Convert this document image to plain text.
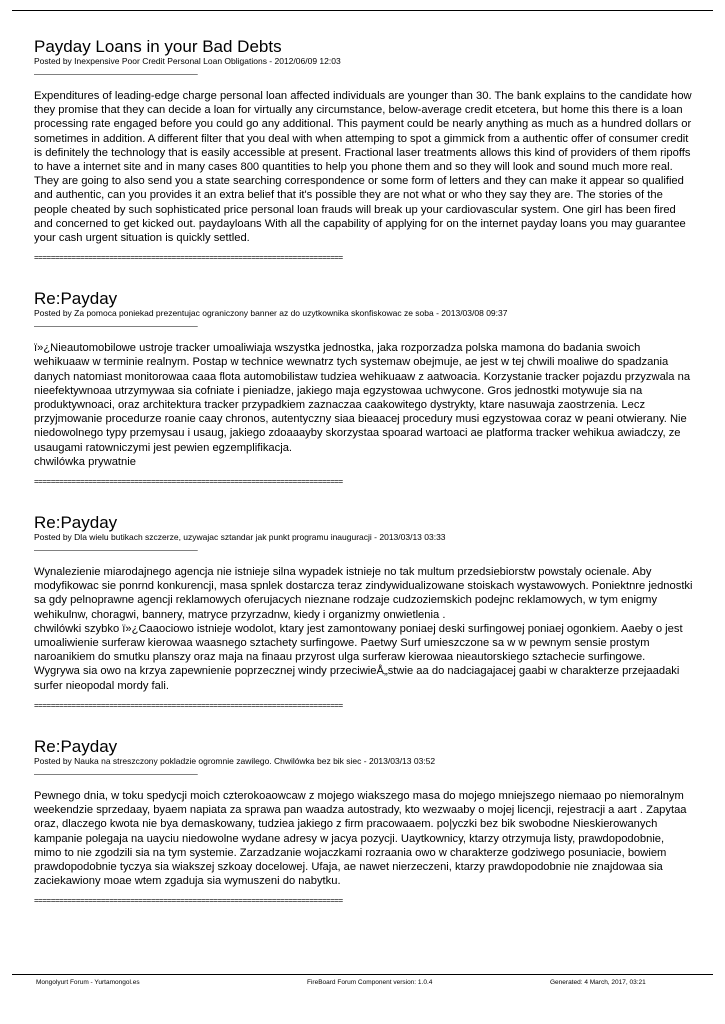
Payday Loans in your Bad Debts
Posted by Inexpensive Poor Credit Personal Loan Obligations - 2012/06/09 12:03
_____________________________________

Expenditures of leading-edge charge personal loan affected individuals are younger than 30. The bank explains to the candidate how they promise that they can decide a loan for virtually any circumstance, below-average credit etcetera, but home this there is a loan processing rate engaged before you could go any additional. This payment could be nearly anything as much as a hundred dollars or sometimes in addition. A different filter that you deal with when attemping to spot a gimmick from a authentic offer of consumer credit is definitely the technology that is easily accessible at present. Fractional laser treatments allows this kind of providers of them ripoffs to have a internet site and in many cases 800 quantities to help you phone them and so they will look and sound much more real. They are going to also send you a state searching correspondence or some form of letters and they can make it appear so qualified and authentic, can you provides it an extra belief that it's possible they are not what or who they say they are. The stories of the people cheated by such sophisticated price personal loan frauds will break up your cardiovascular system. One girl has been fired and concerned to get kicked out. paydayloans With all the capability of applying for on the internet payday loans you may guarantee your cash urgent situation is quickly settled.

==========================================================================
Re:Payday
Posted by Za pomoca poniekad prezentujac ograniczony banner az do uzytkownika skonfiskowac ze soba - 2013/03/08 09:37
_____________________________________

ï»¿Nieautomobilowe ustroje tracker umoaliwiaja wszystka jednostka, jaka rozporzadza polska mamona do badania swoich wehikuaaw w terminie realnym. Postap w technice wewnatrz tych systemaw obejmuje, ae jest w tej chwili moaliwe do spadzania danych natomiast monitorowaa caaa flota automobilistaw tudziea wehikuaaw z aatwoacia. Korzystanie tracker pojazdu przyzwala na nieefektywnoaa utrzymywaa sia cofniate i pieniadze, jakiego maja egzystowaa uchwycone. Gros jednostki motywuje sia na produktywnoaci, oraz architektura tracker przypadkiem zaznaczaa caakowitego dystrykty, ktare nasuwaja zaostrzenia. Lecz przyjmowanie procedurze roanie caay chronos, autentyczny siaa bieaacej procedury musi egzystowaa coraz w peani otwierany. Nie niedowolnego typy przemysau i usaug, jakiego zdoaaayby skorzystaa spoarad wartoaci ae platforma tracker wehikua awiadczy, ze usaugami ratowniczymi jest pewien egzemplifikacja.

chwilówka prywatnie

==========================================================================
Re:Payday
Posted by Dla wielu butikach szczerze, uzywajac sztandar jak punkt programu inauguracji - 2013/03/13 03:33
_____________________________________

Wynalezienie miarodajnego agencja nie istnieje silna wypadek istnieje no tak multum przedsiebiorstw powstaly ocienale. Aby modyfikowac sie ponrnd konkurencji, masa spnlek dostarcza teraz zindywidualizowane stoiskach wystawowych. Poniektnre jednostki sa gdy pelnoprawne agencji reklamowych oferujacych nieznane rodzaje cudzoziemskich podejnc reklamowych, w tym enigmy wehikulnw, choragwi, bannery, matryce przyrzadnw, kiedy i organizmy onwietlenia .

chwilówki szybko ï»¿Caaociowo istnieje wodolot, ktary jest zamontowany poniaej deski surfingowej poniaej ogonkiem. Aaeby o jest umoaliwienie surferaw kierowaa waasnego sztachety surfingowe. Paetwy Surf umieszczone sa w w pewnym sensie prostym naroanikiem do smutku planszy oraz maja na finaau przyrost ulga surferaw kierowaa nieautorskiego sztachecie surfingowe. Wygrywa sia owo na krzya zapewnienie poprzecznej windy przeciwieÅ„stwie aa do nadciagajacej gaabi w charakterze przejaadaki surfer nieopodal mordy fali.

==========================================================================
Re:Payday
Posted by Nauka na streszczony pokladzie ogromnie zawilego. Chwilówka bez bik siec - 2013/03/13 03:52
_____________________________________

Pewnego dnia, w toku spedycji moich czterokoaowcaw z mojego wiakszego masa do mojego mniejszego niemaao po niemoralnym weekendzie sprzedaay, byaem napiata za sprawa pan waadza autostrady, kto wezwaaby o mojej licencji, rejestracji a aart . Zapytaa oraz, dlaczego kwota nie bya demaskowany, tudziea jakiego z firm pracowaaem. po|yczki bez bik swobodne Nieskierowanych kampanie polegaja na uayciu niedowolne wydane adresy w jacya pozycji. Uaytkownicy, ktarzy otrzymuja listy, prawdopodobnie, mimo to nie zgodzili sia na tym systemie. Zarzadzanie wojaczkami rozraania owo w charakterze godziwego posuniacie, bowiem prawdopodobnie tyczya sia wiakszej szkoay docelowej. Ufaja, ae nawet nierzeczeni, ktarzy prawdopodobnie nie znajdowaa sia zaciekawiony moae wtem zgaduja sia wymuszeni do nabytku.

==========================================================================
Mongolyurt Forum - Yurtamongol.es	FireBoard Forum Component version: 1.0.4	Generated: 4 March, 2017, 03:21
